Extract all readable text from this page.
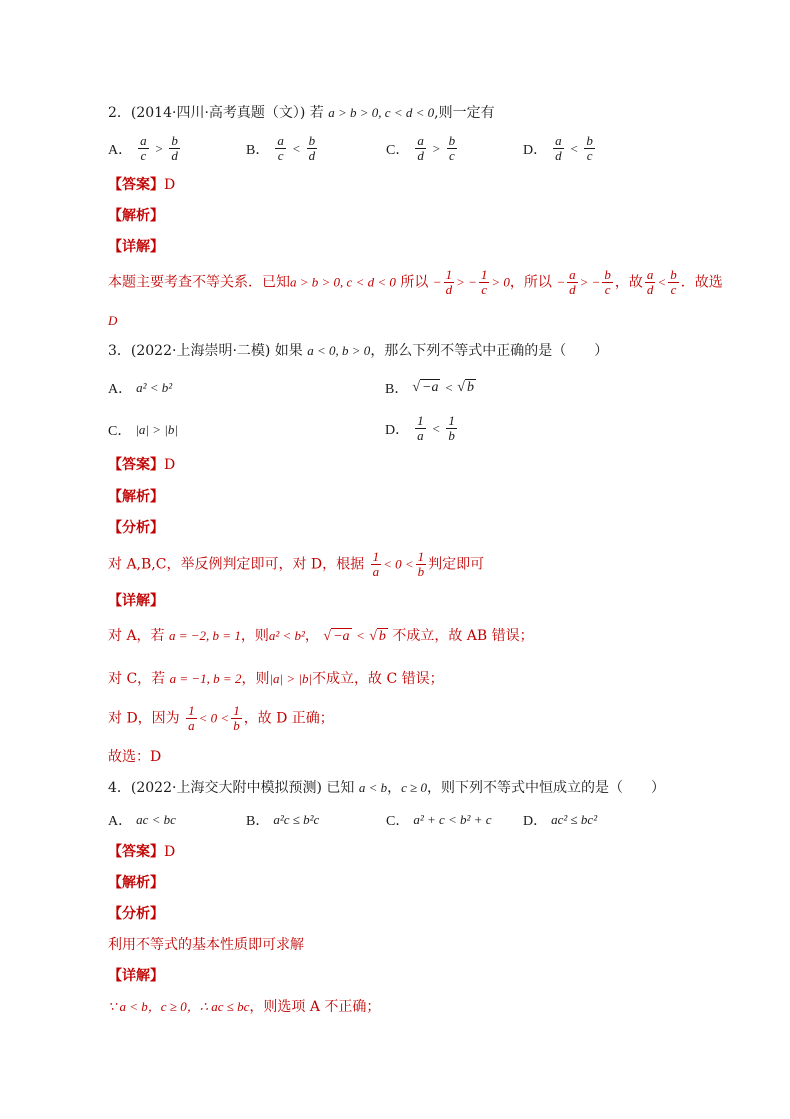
2．(2014·四川·高考真题（文）) 若 a > b > 0, c < d < 0,则一定有
A． $\frac{a}{c} > \frac{b}{d}$	B． $\frac{a}{c} < \frac{b}{d}$	C． $\frac{a}{d} > \frac{b}{c}$	D． $\frac{a}{d} < \frac{b}{c}$
【答案】D
【解析】
【详解】
本题主要考查不等关系．已知a > b > 0, c < d < 0 所以 − $\frac{1}{d}$ > − $\frac{1}{c} > 0$，所以 − $\frac{a}{d}$ > − $\frac{b}{c}$ ，故 $\frac{a}{d} < \frac{b}{c}$ ．故选
D
3．(2022·上海崇明·二模) 如果 a < 0, b > 0，那么下列不等式中正确的是（　　）
A． a² < b²	B． √ −a < √ b
C． |a| > |b|	D． $\frac{1}{a} < \frac{1}{b}$
【答案】D
【解析】
【分析】
对 A,B,C，举反例判定即可，对 D，根据 $\frac{1}{a} < 0 < \frac{1}{b}$ 判定即可
【详解】
对 A，若 a = −2, b = 1，则a² < b²， √ −a < √ b 不成立，故 AB 错误；
对 C，若 a = −1, b = 2，则|a| > |b|不成立，故 C 错误；
对 D，因为 $\frac{1}{a} < 0 < \frac{1}{b}$ ，故 D 正确；
故选：D
4．(2022·上海交大附中模拟预测) 已知 a < b，c ≥ 0，则下列不等式中恒成立的是（　　）
A． ac < bc	B． a²c ≤ b²c	C． a² + c < b² + c D． ac² ≤ bc²
【答案】D
【解析】
【分析】
利用不等式的基本性质即可求解
【详解】
∵ a < b，c ≥ 0，∴ ac ≤ bc，则选项 A 不正确；
